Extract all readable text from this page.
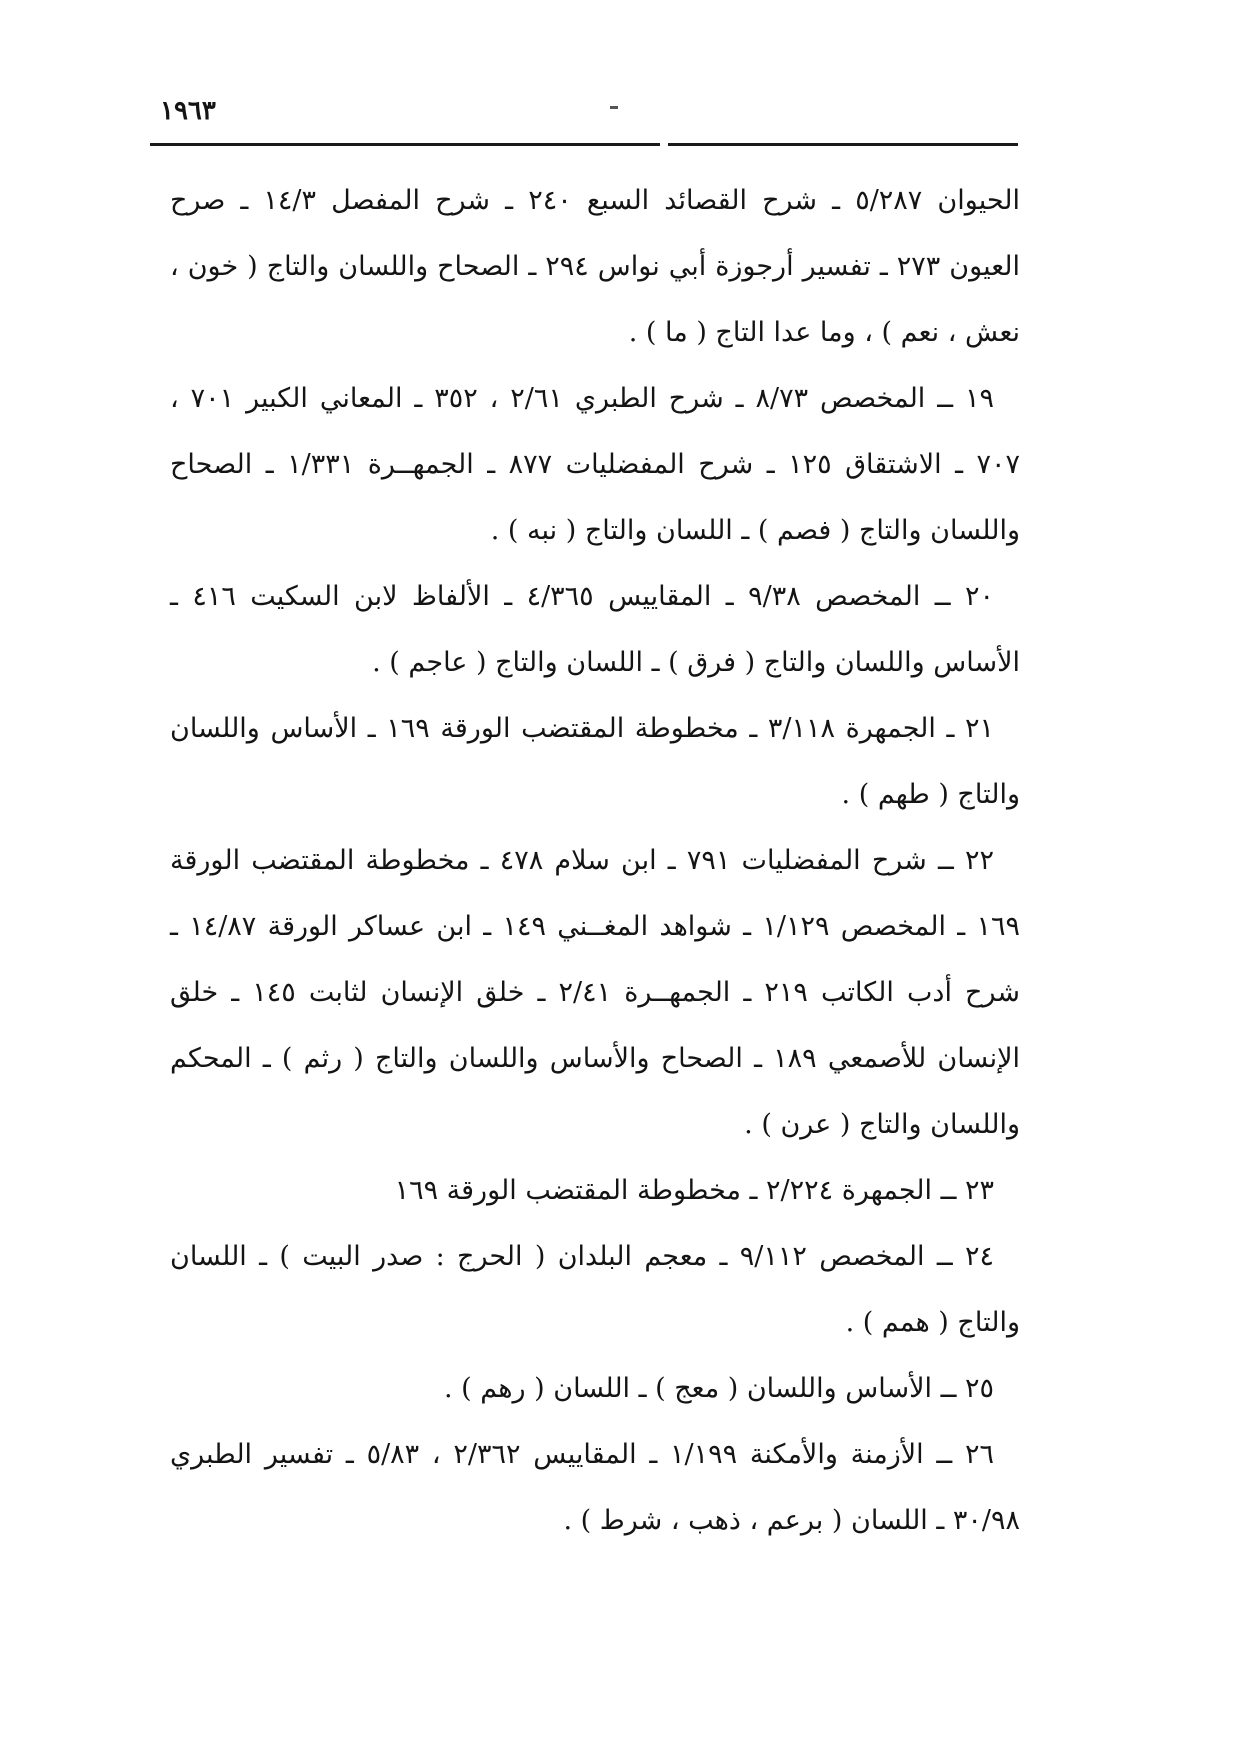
١٩٦٣

الحيوان ٥/٢٨٧ ـ شرح القصائد السبع ٢٤٠ ـ شرح المفصل ١٤/٣ ـ صرح العيون ٢٧٣ ـ تفسير أرجوزة أبي نواس ٢٩٤ ـ الصحاح واللسان والتاج ( خون ، نعش ، نعم ) ، وما عدا التاج ( ما ) .

١٩ ــ المخصص ٨/٧٣ ـ شرح الطبري ٢/٦١ ، ٣٥٢ ـ المعاني الكبير ٧٠١ ، ٧٠٧ ـ الاشتقاق ١٢٥ ـ شرح المفضليات ٨٧٧ ـ الجمهــرة ١/٣٣١ ـ الصحاح واللسان والتاج ( فصم ) ـ اللسان والتاج ( نبه ) .

٢٠ ــ المخصص ٩/٣٨ ـ المقاييس ٤/٣٦٥ ـ الألفاظ لابن السكيت ٤١٦ ـ الأساس واللسان والتاج ( فرق ) ـ اللسان والتاج ( عاجم ) .

٢١ ـ الجمهرة ٣/١١٨ ـ مخطوطة المقتضب الورقة ١٦٩ ـ الأساس واللسان والتاج ( طهم ) .

٢٢ ــ شرح المفضليات ٧٩١ ـ ابن سلام ٤٧٨ ـ مخطوطة المقتضب الورقة ١٦٩ ـ المخصص ١/١٢٩ ـ شواهد المغــني ١٤٩ ـ ابن عساكر الورقة ١٤/٨٧ ـ شرح أدب الكاتب ٢١٩ ـ الجمهــرة ٢/٤١ ـ خلق الإنسان لثابت ١٤٥ ـ خلق الإنسان للأصمعي ١٨٩ ـ الصحاح والأساس واللسان والتاج ( رثم ) ـ المحكم واللسان والتاج ( عرن ) .

٢٣ ــ الجمهرة ٢/٢٢٤ ـ مخطوطة المقتضب الورقة ١٦٩

٢٤ ــ المخصص ٩/١١٢ ـ معجم البلدان ( الحرج : صدر البيت ) ـ اللسان والتاج ( همم ) .

٢٥ ــ الأساس واللسان ( معج ) ـ اللسان ( رهم ) .

٢٦ ــ الأزمنة والأمكنة ١/١٩٩ ـ المقاييس ٢/٣٦٢ ، ٥/٨٣ ـ تفسير الطبري ٣٠/٩٨ ـ اللسان ( برعم ، ذهب ، شرط ) .
